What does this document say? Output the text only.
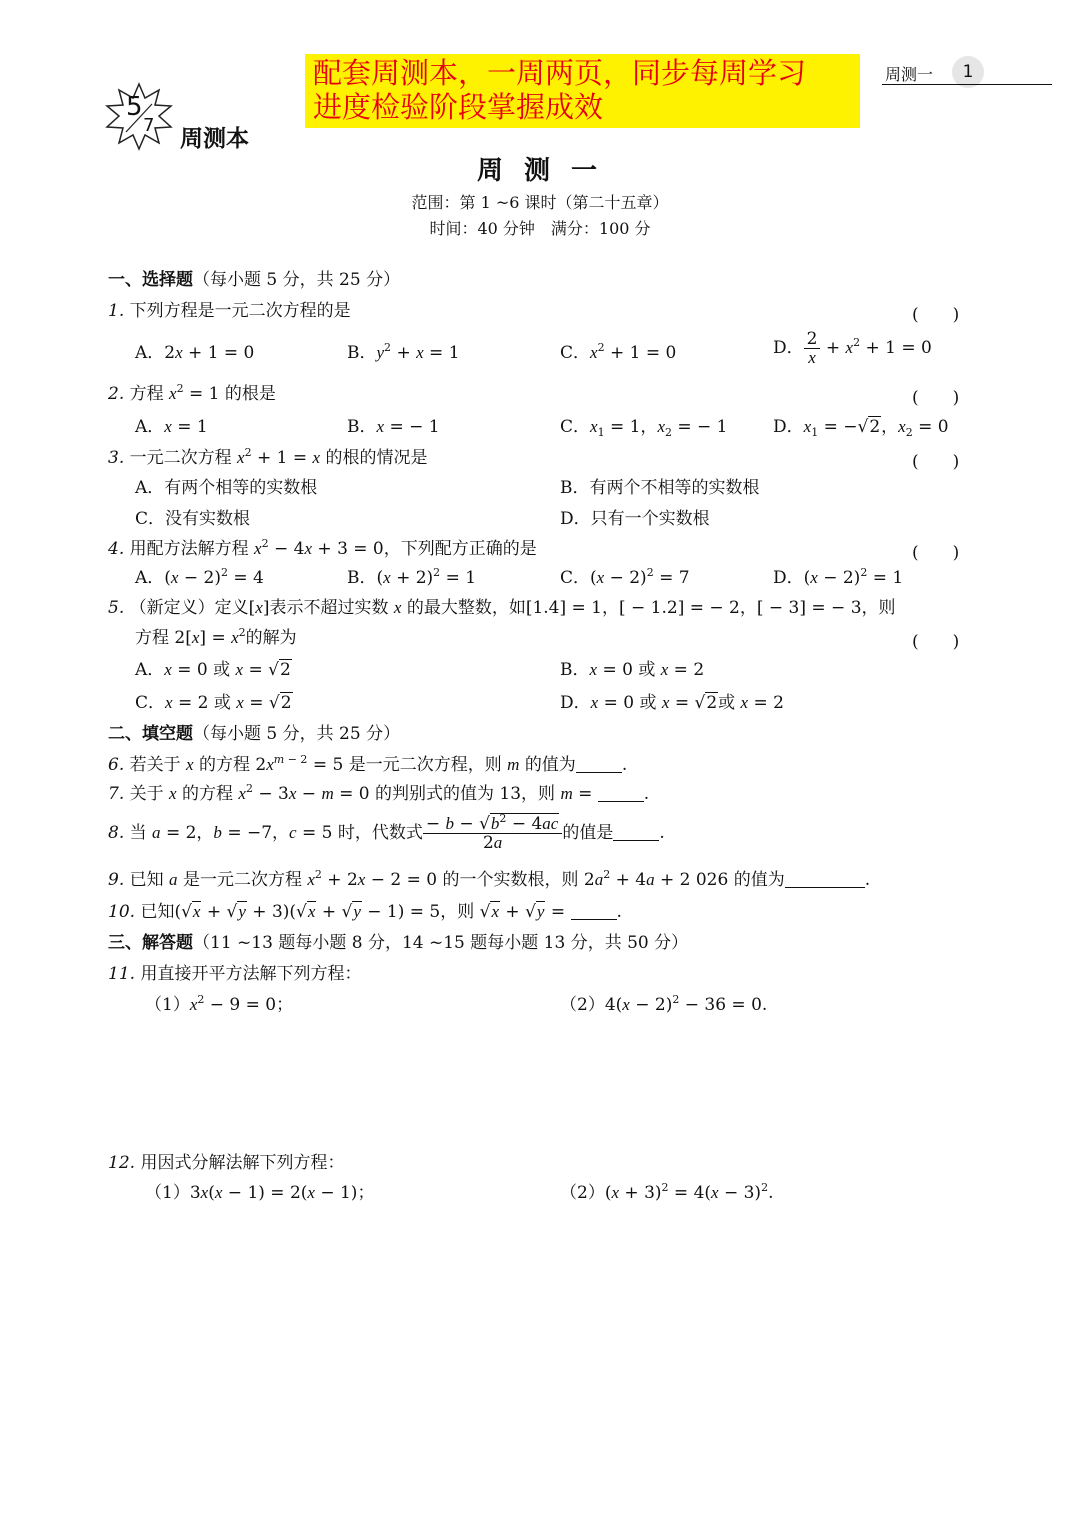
5
7
周测本
配套周测本，一周两页，同步每周学习
进度检验阶段掌握成效
周测一	1
周 测 一
范围：第 1 ~6 课时（第二十五章）
时间：40 分钟　满分：100 分
一、选择题（每小题 5 分，共 25 分）
1. 下列方程是一元二次方程的是	(　　)
A．2x + 1 = 0	B．$y^2 + x = 1$	C．$x^2 + 1 = 0$	D． $\frac{2}{x} + x^2 + 1 = 0$
2. 方程 $x^2 = 1$ 的根是	(　　)
A．x = 1	B．x = − 1	C．$x_1 = 1$，$x_2$ = − 1	D．$x_1 = -√2$，$x_2 = 0$
3. 一元二次方程 $x^2 + 1 = x$ 的根的情况是	(　　)
A．有两个相等的实数根	B．有两个不相等的实数根
C．没有实数根	D．只有一个实数根
4. 用配方法解方程 $x^2 - 4x + 3 = 0$，下列配方正确的是	(　　)
A．$(x - 2)^2 = 4$	B．$(x + 2)^2 = 1$	C．$(x - 2)^2 = 7$	D．$(x - 2)^2 = 1$
5. （新定义）定义[x]表示不超过实数 x 的最大整数，如[1.4] = 1，[ − 1.2] = − 2，[ − 3] = − 3，则
方程 $2[x] = x^2$的解为	(　　)
A．x = 0 或 x = √2	B．x = 0 或 x = 2
C．x = 2 或 x = √2	D．x = 0 或 x = √2或 x = 2
二、填空题（每小题 5 分，共 25 分）
6. 若关于 x 的方程 $2x^{m - 2} = 5$ 是一元二次方程，则 m 的值为	.
7. 关于 x 的方程 $x^2 - 3x - m = 0$ 的判别式的值为 13，则 m =	.
8. 当 a = 2，b = −7，c = 5 时，代数式 $\frac{- b - √b^2 - 4ac}{2a}$ 的值是	.
9. 已知 a 是一元二次方程 $x^2 + 2x - 2 = 0$ 的一个实数根，则 $2a^2 + 4a + 2$ 026 的值为	.
10. 已知(√x + √y + 3)(√x + √y − 1) = 5，则 √x + √y =	.
三、解答题（11 ~13 题每小题 8 分，14 ~15 题每小题 13 分，共 50 分）
11. 用直接开平方法解下列方程：
$(1)x^2 - 9 = 0$；	$(2)4(x - 2)^2 - 36 = 0$.
12. 用因式分解法解下列方程：
（1）3x(x − 1) = 2(x − 1)；	$(2)(x + 3)^2 = 4(x - 3)^2$.
